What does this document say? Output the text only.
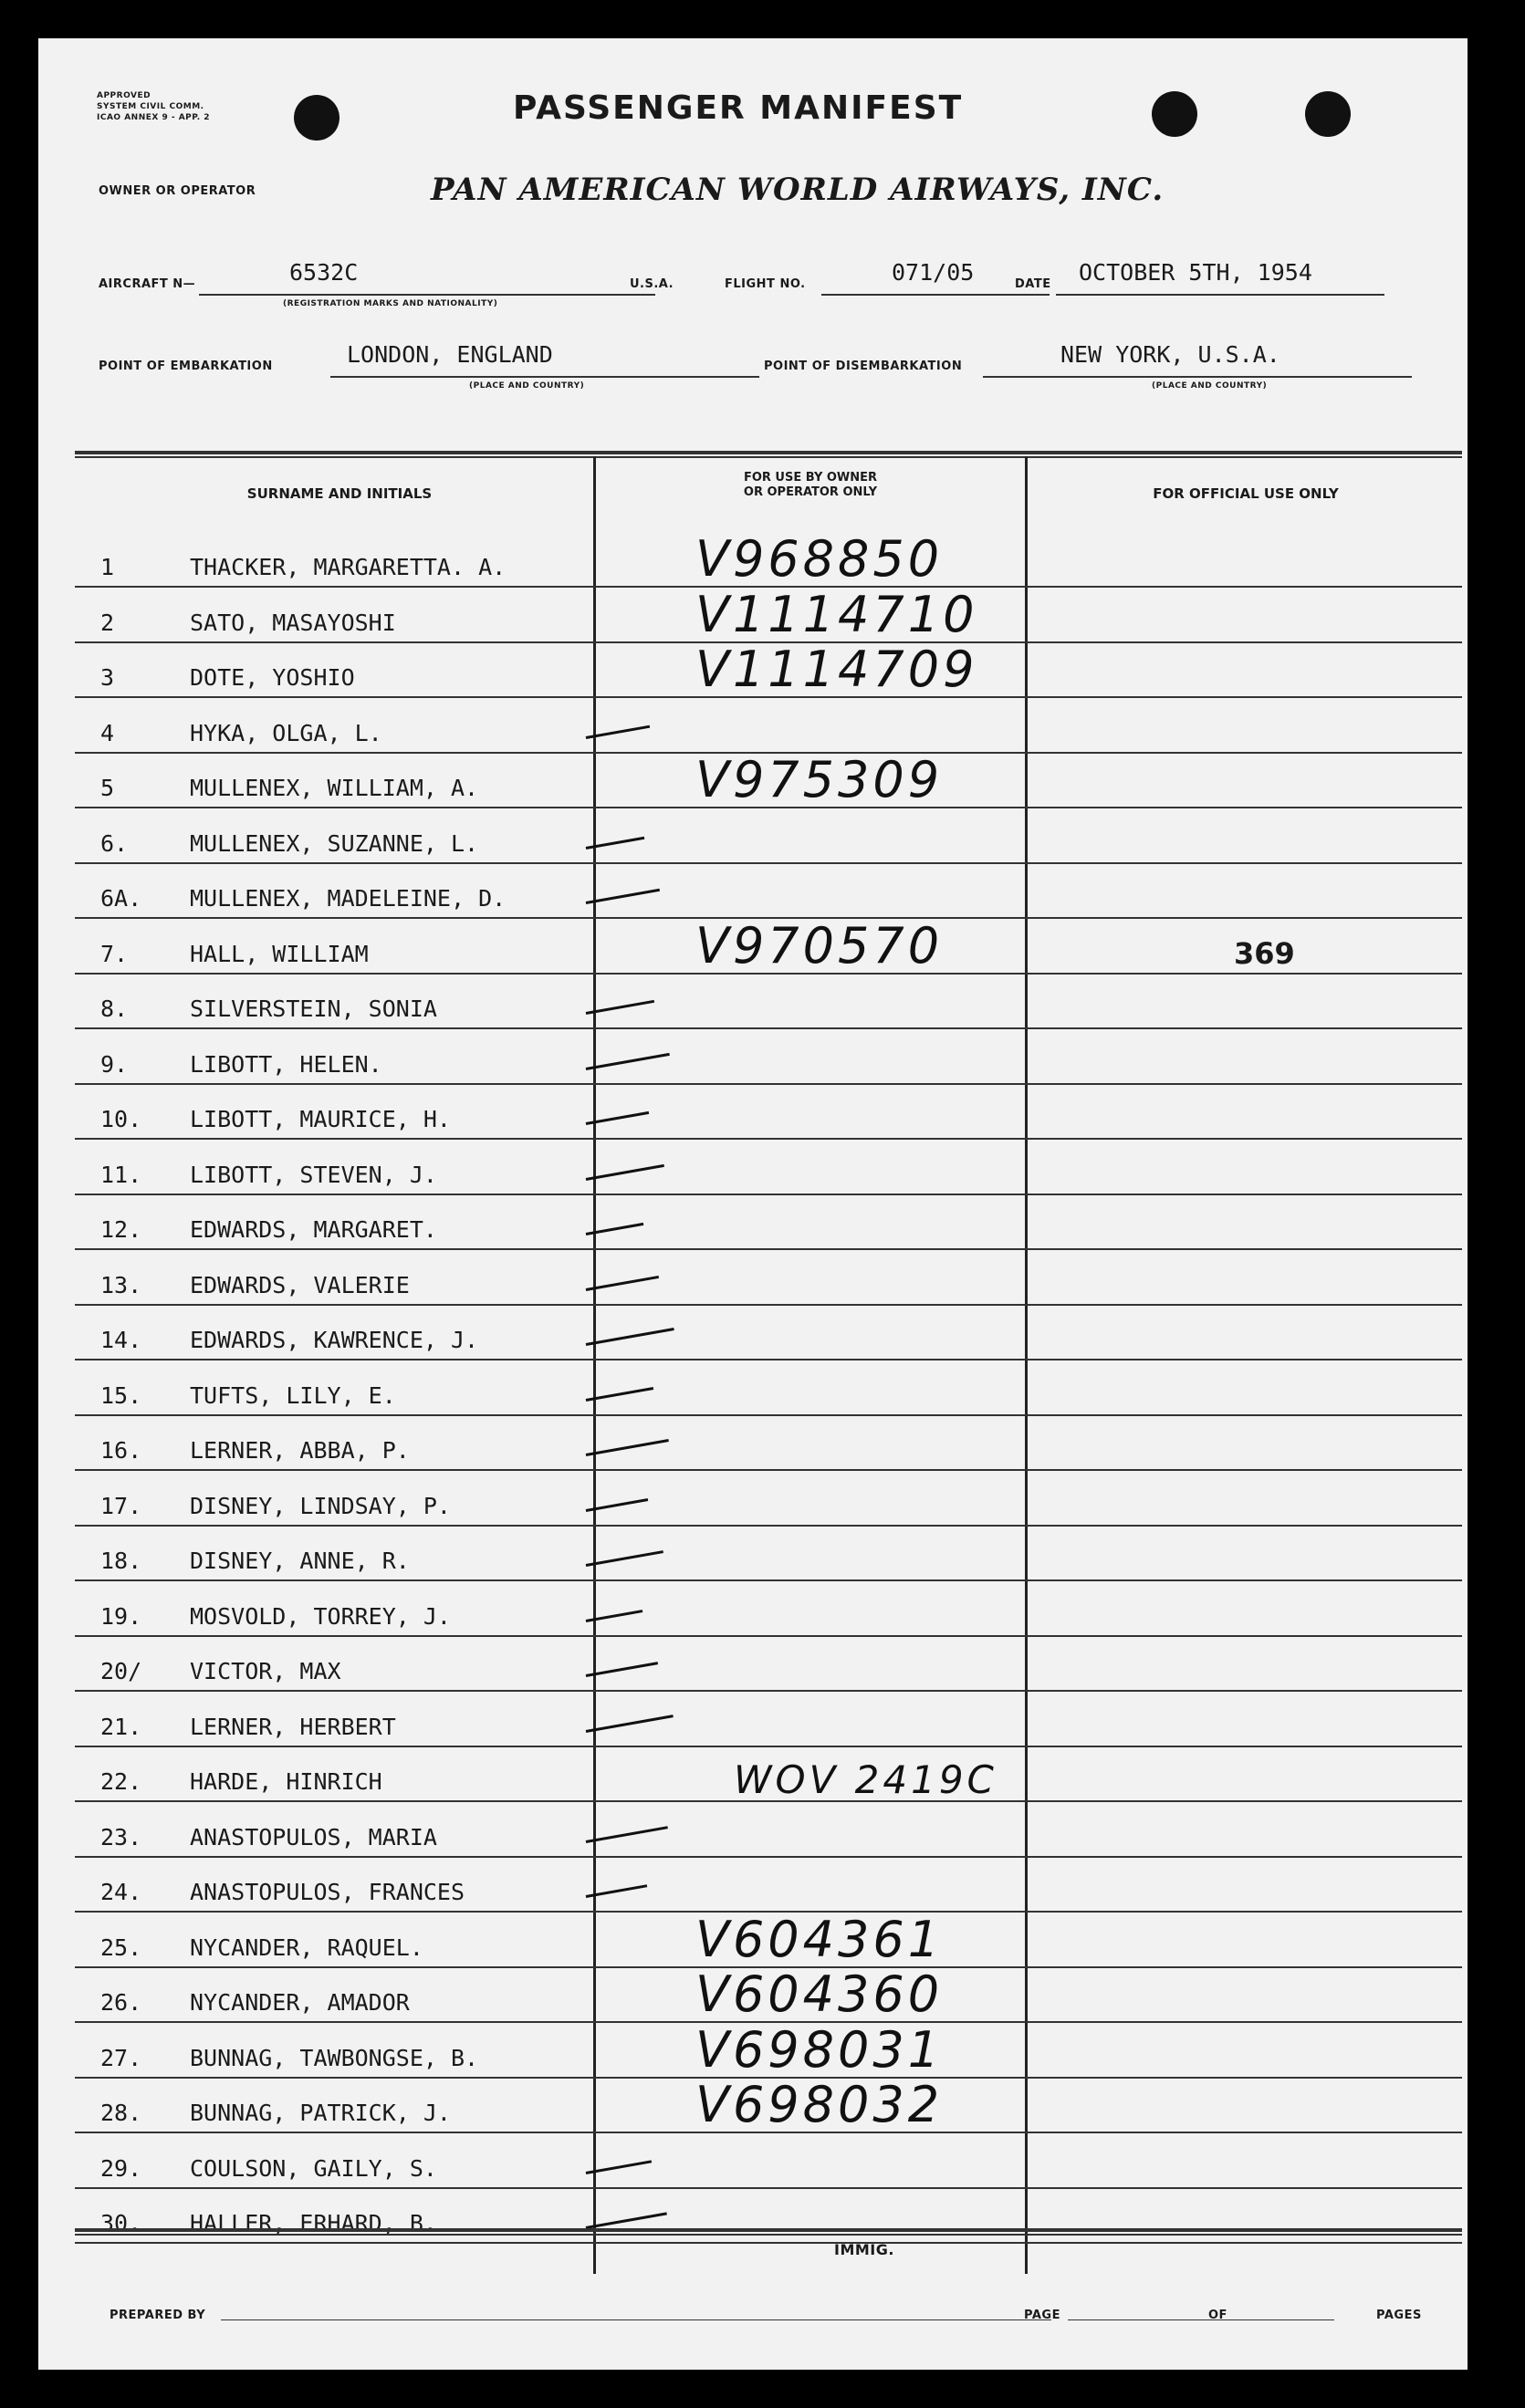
APPROVED
SYSTEM CIVIL COMM.
ICAO ANNEX 9 - APP. 2	PASSENGER MANIFEST
OWNER OR OPERATOR	PAN AMERICAN WORLD AIRWAYS, INC.
AIRCRAFT N—	6532C
(REGISTRATION MARKS AND NATIONALITY)
U.S.A.	FLIGHT NO.	071/05	DATE OCTOBER 5TH, 1954
POINT OF EMBARKATION	LONDON, ENGLAND
(PLACE AND COUNTRY)
POINT OF DISEMBARKATION	NEW YORK, U.S.A.
(PLACE AND COUNTRY)
SURNAME AND INITIALS
FOR USE BY OWNER
OR OPERATOR ONLY	FOR OFFICIAL USE ONLY
1	THACKER, MARGARETTA. A.	V968850
2	SATO, MASAYOSHI	V1114710
3	DOTE, YOSHIO	V1114709
4	HYKA, OLGA, L.
5	MULLENEX, WILLIAM, A.	V975309
6.	MULLENEX, SUZANNE, L.
6A. MULLENEX, MADELEINE, D.
7.	HALL, WILLIAM	V970570	369
8.	SILVERSTEIN, SONIA
9.	LIBOTT, HELEN.
10. LIBOTT, MAURICE, H.
11. LIBOTT, STEVEN, J.
12. EDWARDS, MARGARET.
13. EDWARDS, VALERIE
14. EDWARDS, KAWRENCE, J.
15. TUFTS, LILY, E.
16. LERNER, ABBA, P.
17. DISNEY, LINDSAY, P.
18. DISNEY, ANNE, R.
19. MOSVOLD, TORREY, J.
20/ VICTOR, MAX
21. LERNER, HERBERT
22. HARDE, HINRICH	WOV 2419C
23. ANASTOPULOS, MARIA
24. ANASTOPULOS, FRANCES
25. NYCANDER, RAQUEL.	V604361
26. NYCANDER, AMADOR	V604360
27. BUNNAG, TAWBONGSE, B.	V698031
28. BUNNAG, PATRICK, J.	V698032
29. COULSON, GAILY, S.
30. HALLER, ERHARD, B.
IMMIG.
PREPARED BY	PAGE	OF	PAGES
